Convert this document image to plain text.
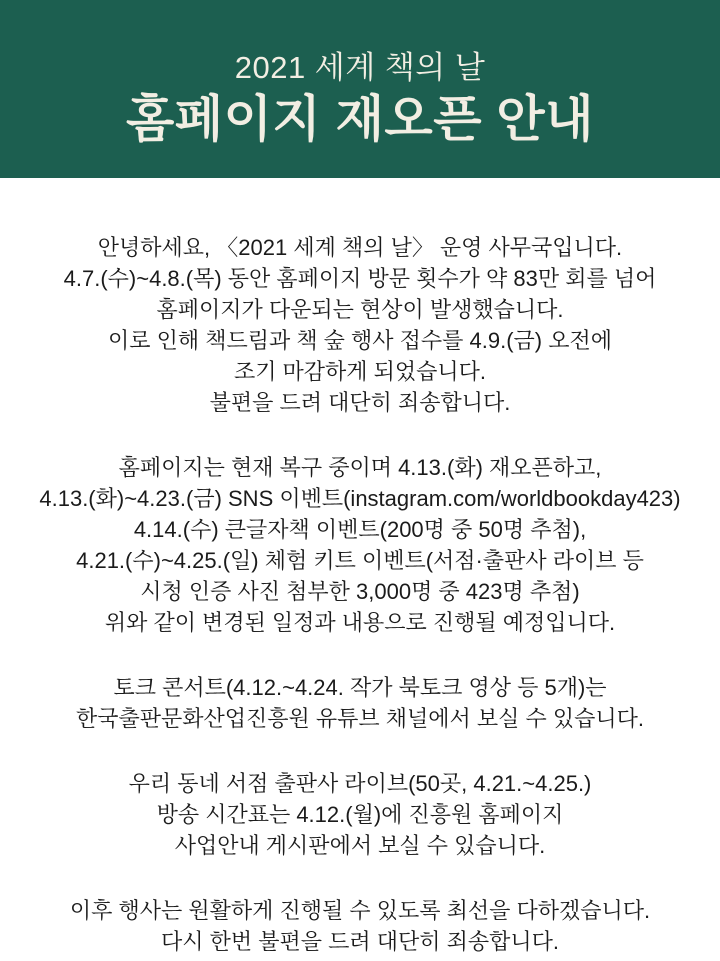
2021 세계 책의 날
홈페이지 재오픈 안내

안녕하세요, 〈2021 세계 책의 날〉 운영 사무국입니다.
4.7.(수)~4.8.(목) 동안 홈페이지 방문 횟수가 약 83만 회를 넘어
홈페이지가 다운되는 현상이 발생했습니다.
이로 인해 책드림과 책 숲 행사 접수를 4.9.(금) 오전에
조기 마감하게 되었습니다.
불편을 드려 대단히 죄송합니다.

홈페이지는 현재 복구 중이며 4.13.(화) 재오픈하고,
4.13.(화)~4.23.(금) SNS 이벤트(instagram.com/worldbookday423)
4.14.(수) 큰글자책 이벤트(200명 중 50명 추첨),
4.21.(수)~4.25.(일) 체험 키트 이벤트(서점·출판사 라이브 등
시청 인증 사진 첨부한 3,000명 중 423명 추첨)
위와 같이 변경된 일정과 내용으로 진행될 예정입니다.

토크 콘서트(4.12.~4.24. 작가 북토크 영상 등 5개)는
한국출판문화산업진흥원 유튜브 채널에서 보실 수 있습니다.

우리 동네 서점 출판사 라이브(50곳, 4.21.~4.25.)
방송 시간표는 4.12.(월)에 진흥원 홈페이지
사업안내 게시판에서 보실 수 있습니다.

이후 행사는 원활하게 진행될 수 있도록 최선을 다하겠습니다.
다시 한번 불편을 드려 대단히 죄송합니다.
